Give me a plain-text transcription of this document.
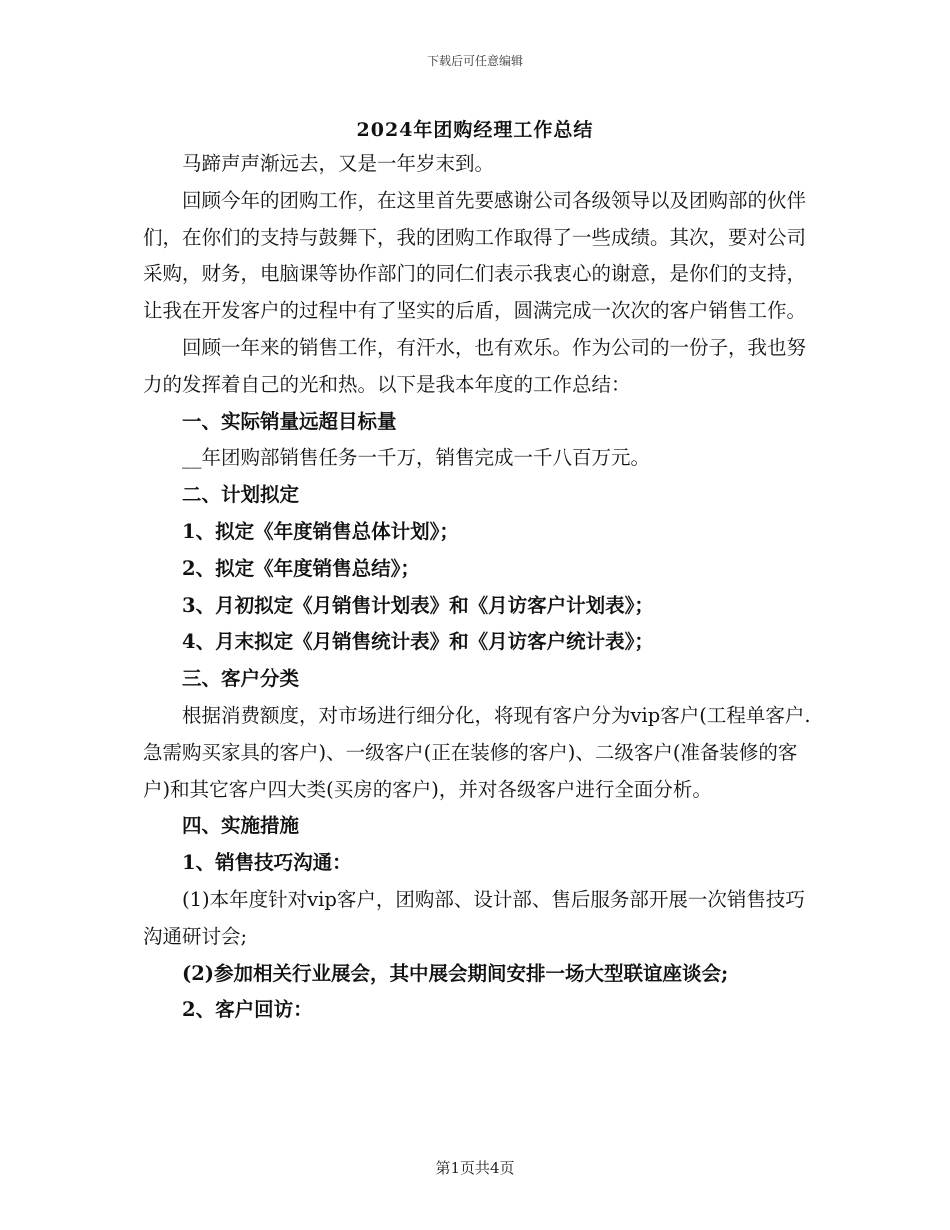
下载后可任意编辑
2024年团购经理工作总结

马蹄声声渐远去，又是一年岁末到。

回顾今年的团购工作，在这里首先要感谢公司各级领导以及团购部的伙伴们，在你们的支持与鼓舞下，我的团购工作取得了一些成绩。其次，要对公司采购，财务，电脑课等协作部门的同仁们表示我衷心的谢意，是你们的支持，让我在开发客户的过程中有了坚实的后盾，圆满完成一次次的客户销售工作。

回顾一年来的销售工作，有汗水，也有欢乐。作为公司的一份子，我也努力的发挥着自己的光和热。以下是我本年度的工作总结：

一、实际销量远超目标量

__年团购部销售任务一千万，销售完成一千八百万元。

二、计划拟定

1、拟定《年度销售总体计划》；

2、拟定《年度销售总结》；

3、月初拟定《月销售计划表》和《月访客户计划表》；

4、月末拟定《月销售统计表》和《月访客户统计表》；

三、客户分类

根据消费额度，对市场进行细分化，将现有客户分为vip客户(工程单客户.急需购买家具的客户)、一级客户(正在装修的客户)、二级客户(准备装修的客户)和其它客户四大类(买房的客户)，并对各级客户进行全面分析。

四、实施措施

1、销售技巧沟通：

(1)本年度针对vip客户，团购部、设计部、售后服务部开展一次销售技巧沟通研讨会;

(2)参加相关行业展会，其中展会期间安排一场大型联谊座谈会;

2、客户回访：

第1页共4页
